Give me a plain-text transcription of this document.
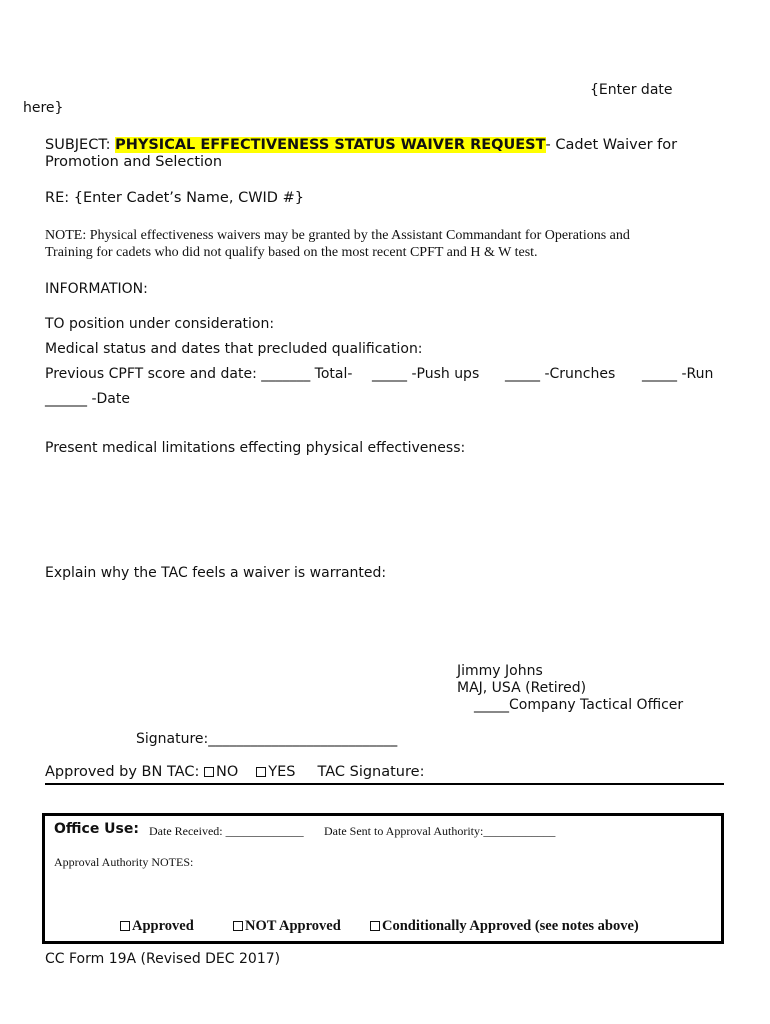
{Enter date
here}
SUBJECT: PHYSICAL EFFECTIVENESS STATUS WAIVER REQUEST- Cadet Waiver for
Promotion and Selection
RE: {Enter Cadet’s Name, CWID #}
NOTE: Physical effectiveness waivers may be granted by the Assistant Commandant for Operations and
Training for cadets who did not qualify based on the most recent CPFT and H & W test.
INFORMATION:
TO position under consideration:
Medical status and dates that precluded qualification:
Previous CPFT score and date: _______ Total- _____ -Push ups _____ -Crunches _____ -Run
______ -Date
Present medical limitations effecting physical effectiveness:
Explain why the TAC feels a waiver is warranted:
Jimmy Johns
MAJ, USA (Retired)
_____Company Tactical Officer
Signature:___________________________
Approved by BN TAC: NO YES TAC Signature:
Office Use: Date Received: _____________ Date Sent to Approval Authority:____________
Approval Authority NOTES:
Approved	NOT Approved	Conditionally Approved (see notes above)
CC Form 19A (Revised DEC 2017)
